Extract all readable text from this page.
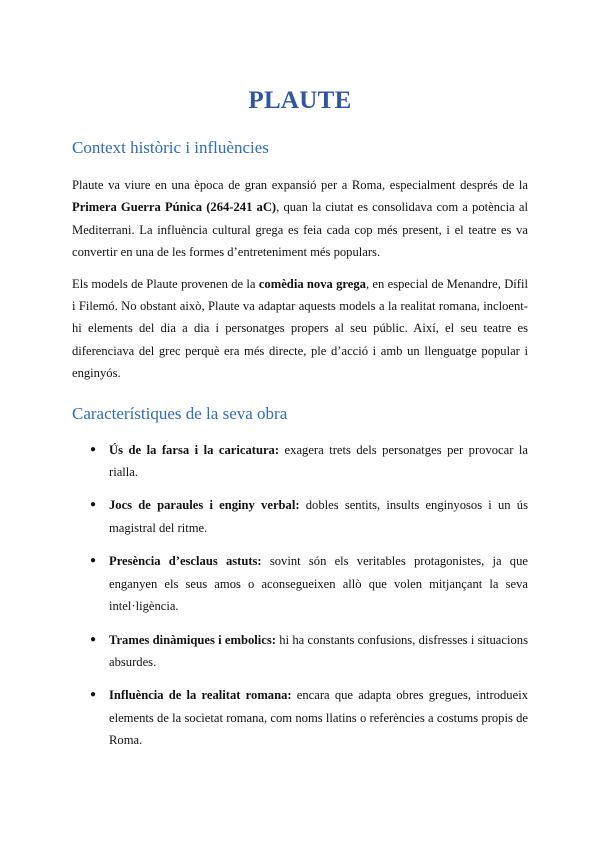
PLAUTE
Context històric i influències

Plaute va viure en una època de gran expansió per a Roma, especialment després de la Primera Guerra Púnica (264-241 aC), quan la ciutat es consolidava com a potència al Mediterrani. La influència cultural grega es feia cada cop més present, i el teatre es va convertir en una de les formes d’entreteniment més populars.

Els models de Plaute provenen de la comèdia nova grega, en especial de Menandre, Dífil i Filemó. No obstant això, Plaute va adaptar aquests models a la realitat romana, incloent-hi elements del dia a dia i personatges propers al seu públic. Així, el seu teatre es diferenciava del grec perquè era més directe, ple d’acció i amb un llenguatge popular i enginyós.

Característiques de la seva obra
● Ús de la farsa i la caricatura: exagera trets dels personatges per provocar la rialla.
● Jocs de paraules i enginy verbal: dobles sentits, insults enginyosos i un ús magistral del ritme.
● Presència d’esclaus astuts: sovint són els veritables protagonistes, ja que enganyen els seus amos o aconsegueixen allò que volen mitjançant la seva intel·ligència.
● Trames dinàmiques i embolics: hi ha constants confusions, disfresses i situacions absurdes.
● Influència de la realitat romana: encara que adapta obres gregues, introdueix elements de la societat romana, com noms llatins o referències a costums propis de Roma.
